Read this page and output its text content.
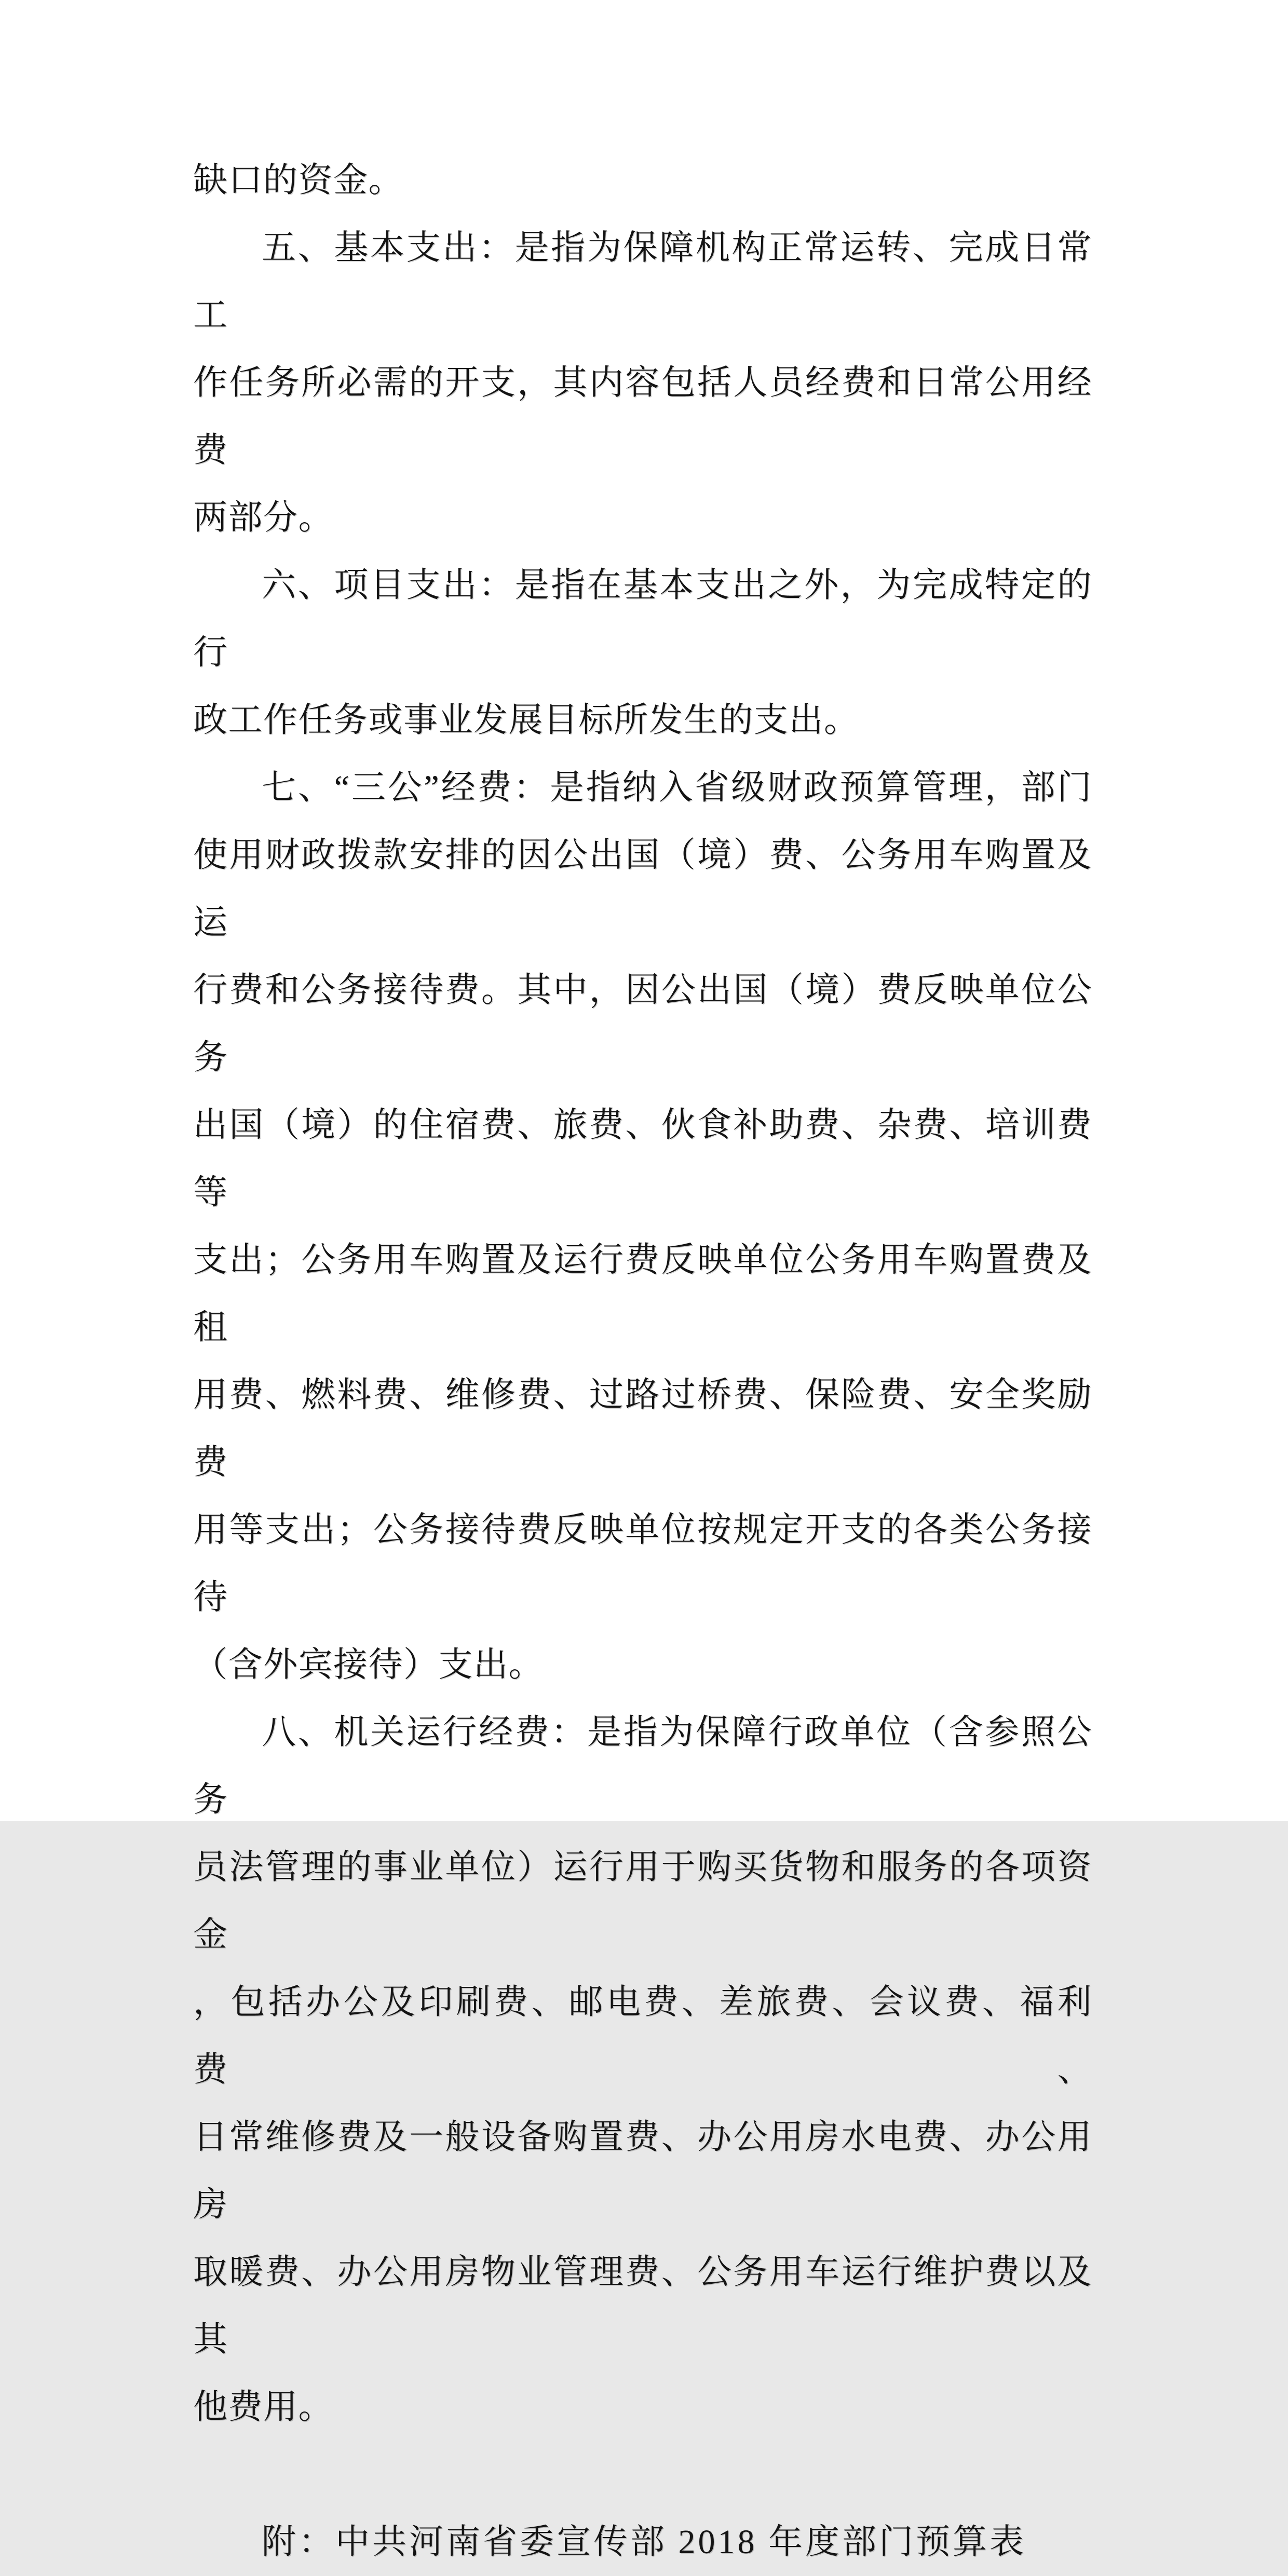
缺口的资金。
五、基本支出：是指为保障机构正常运转、完成日常工
作任务所必需的开支，其内容包括人员经费和日常公用经费
两部分。
六、项目支出：是指在基本支出之外，为完成特定的行
政工作任务或事业发展目标所发生的支出。
七、“三公”经费：是指纳入省级财政预算管理，部门
使用财政拨款安排的因公出国（境）费、公务用车购置及运
行费和公务接待费。其中，因公出国（境）费反映单位公务
出国（境）的住宿费、旅费、伙食补助费、杂费、培训费等
支出；公务用车购置及运行费反映单位公务用车购置费及租
用费、燃料费、维修费、过路过桥费、保险费、安全奖励费
用等支出；公务接待费反映单位按规定开支的各类公务接待
（含外宾接待）支出。
八、机关运行经费：是指为保障行政单位（含参照公务
员法管理的事业单位）运行用于购买货物和服务的各项资金
，包括办公及印刷费、邮电费、差旅费、会议费、福利费、
日常维修费及一般设备购置费、办公用房水电费、办公用房
取暖费、办公用房物业管理费、公务用车运行维护费以及其
他费用。
附：中共河南省委宣传部 2018 年度部门预算表
